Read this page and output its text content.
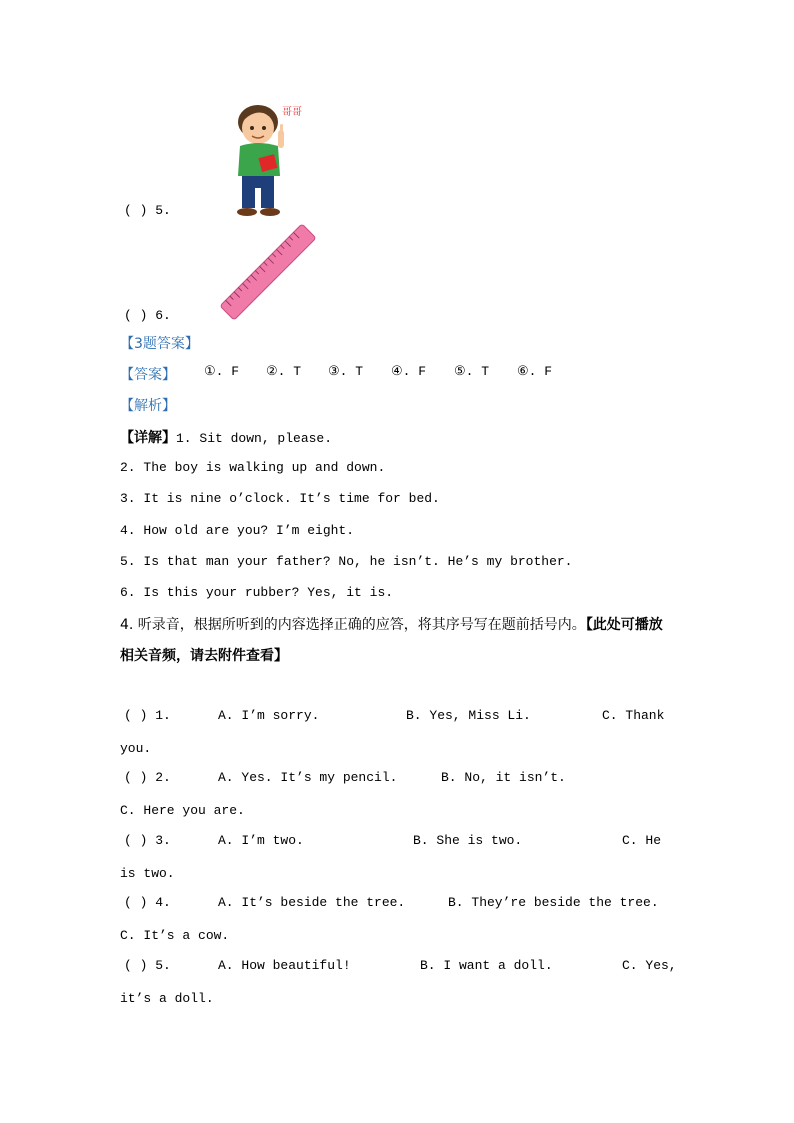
哥哥
( ) 5.
( ) 6.
【3题答案】
【答案】 ①. F ②. T ③. T ④. F ⑤. T ⑥. F
【解析】
【详解】1. Sit down, please.
2. The boy is walking up and down.
3. It is nine o’clock. It’s time for bed.
4. How old are you? I’m eight.
5. Is that man your father? No, he isn’t. He’s my brother.
6. Is this your rubber? Yes, it is.
4. 听录音，根据所听到的内容选择正确的应答，将其序号写在题前括号内。【此处可播放
相关音频，请去附件查看】
( ) 1.	A. I’m sorry.	B. Yes, Miss Li.	C. Thank
you.
( ) 2.	A. Yes. It’s my pencil.	B. No, it isn’t.
C. Here you are.
( ) 3.	A. I’m two.	B. She is two.	C. He
is two.
( ) 4.	A. It’s beside the tree.	B. They’re beside the tree.
C. It’s a cow.
( ) 5.	A. How beautiful!	B. I want a doll.	C. Yes,
it’s a doll.
